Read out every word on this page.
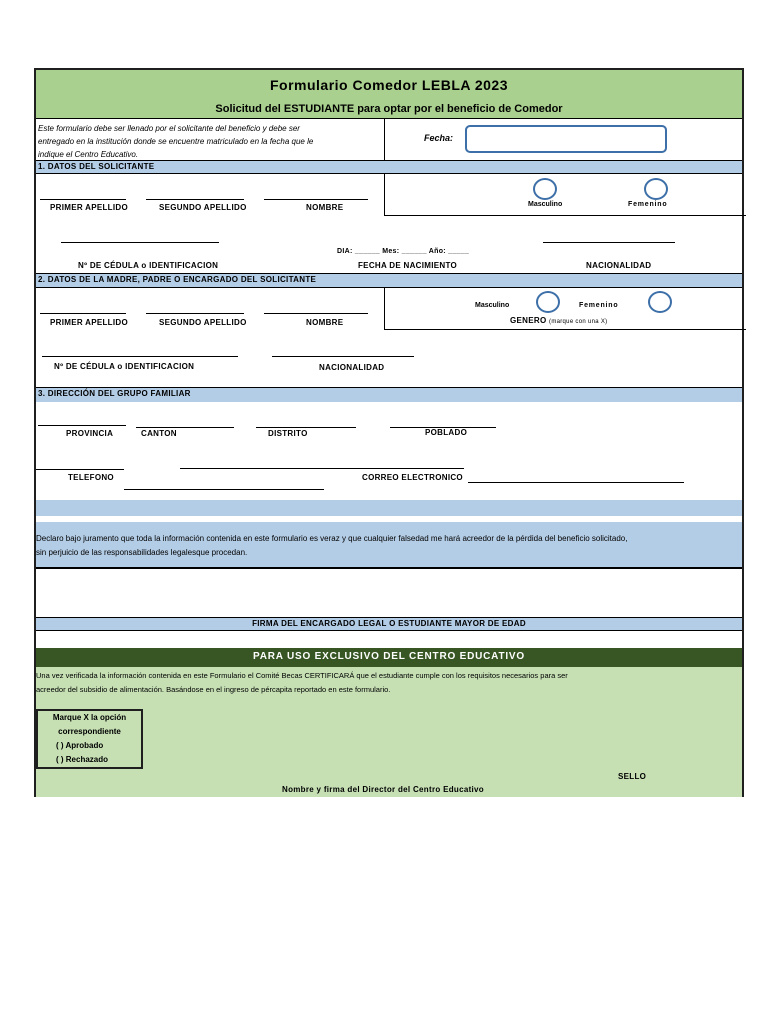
Formulario Comedor LEBLA 2023
Solicitud del ESTUDIANTE para optar por el beneficio de Comedor
Este formulario debe ser llenado por el solicitante del beneficio y debe ser
entregado en la institución donde se encuentre matriculado en la fecha que le
indique el Centro Educativo.
Fecha:
1. DATOS DEL SOLICITANTE
PRIMER APELLIDO	SEGUNDO APELLIDO	NOMBRE	Masculino	Femenino
DIA: ______ Mes: ______ Año: _____
Nº DE CÉDULA o IDENTIFICACION	FECHA DE NACIMIENTO	NACIONALIDAD
2. DATOS DE LA MADRE, PADRE O ENCARGADO DEL SOLICITANTE
PRIMER APELLIDO	SEGUNDO APELLIDO	NOMBRE
Masculino	Femenino
GENERO (marque con una X)
Nº DE CÉDULA o IDENTIFICACION	NACIONALIDAD
3. DIRECCIÓN DEL GRUPO FAMILIAR
PROVINCIA	CANTON	DISTRITO	POBLADO
TELEFONO	CORREO ELECTRONICO
Declaro bajo juramento que toda la información contenida en este formulario es veraz y que cualquier falsedad me hará acreedor de la pérdida del beneficio solicitado,
sin perjuicio de las responsabilidades legalesque procedan.
FIRMA DEL ENCARGADO LEGAL O ESTUDIANTE MAYOR DE EDAD
PARA USO EXCLUSIVO DEL CENTRO EDUCATIVO
Una vez verificada la información contenida en este Formulario el Comité Becas CERTIFICARÁ que el estudiante cumple con los requisitos necesarios para ser
acreedor del subsidio de alimentación. Basándose en el ingreso de pércapita reportado en este formulario.
Marque X la opción
correspondiente
( ) Aprobado
( ) Rechazado
SELLO
Nombre y firma del Director del Centro Educativo
